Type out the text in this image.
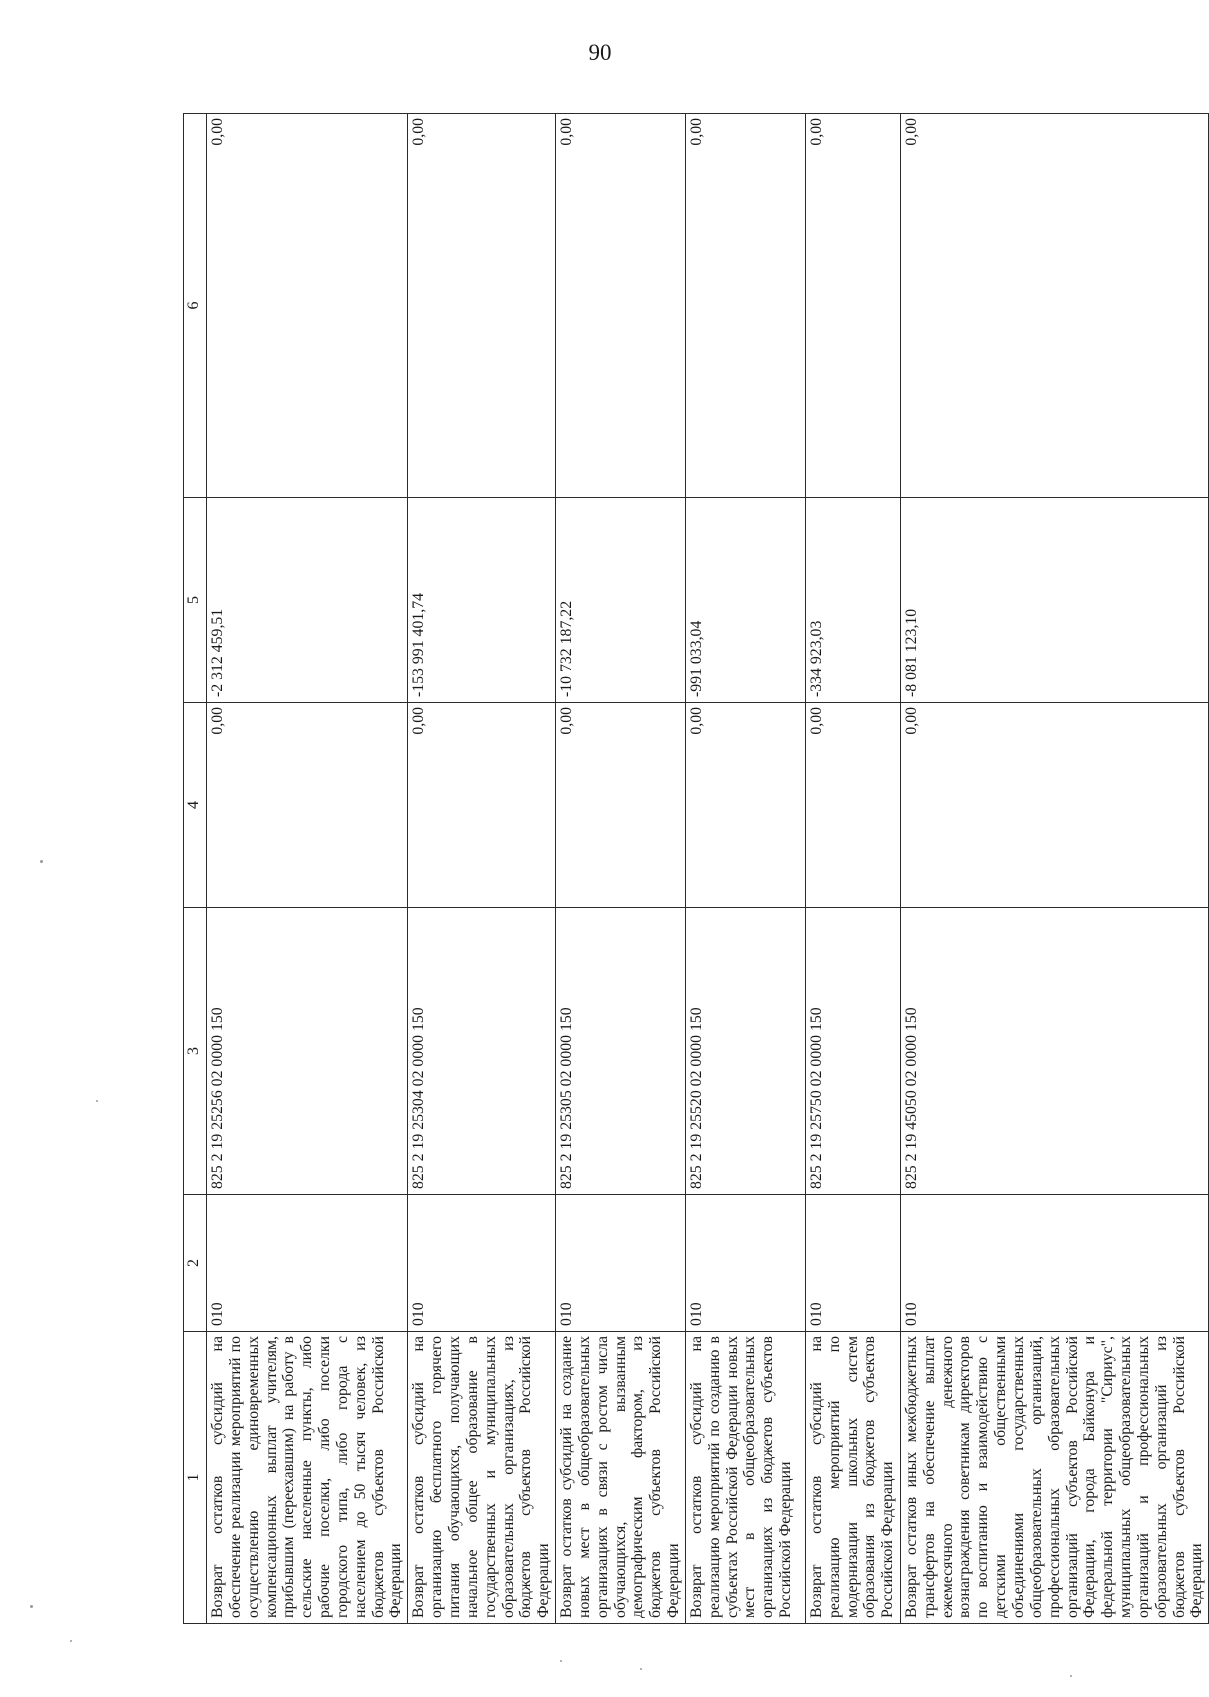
90
1	2	3	4	5	6
Возврат остатков субсидий на обеспечение реализации мероприятий по осуществлению единовременных компенсационных выплат учителям, прибывшим (переехавшим) на работу в сельские населенные пункты, либо рабочие поселки, либо поселки городского типа, либо города с населением до 50 тысяч человек, из бюджетов субъектов Российской Федерации	010	825 2 19 25256 02 0000 150	0,00	-2 312 459,51	0,00
Возврат остатков субсидий на организацию бесплатного горячего питания обучающихся, получающих начальное общее образование в государственных и муниципальных образовательных организациях, из бюджетов субъектов Российской Федерации	010	825 2 19 25304 02 0000 150	0,00	-153 991 401,74	0,00
Возврат остатков субсидий на создание новых мест в общеобразовательных организациях в связи с ростом числа обучающихся, вызванным демографическим фактором, из бюджетов субъектов Российской Федерации	010	825 2 19 25305 02 0000 150	0,00	-10 732 187,22	0,00
Возврат остатков субсидий на реализацию мероприятий по созданию в субъектах Российской Федерации новых мест в общеобразовательных организациях из бюджетов субъектов Российской Федерации	010	825 2 19 25520 02 0000 150	0,00	-991 033,04	0,00
Возврат остатков субсидий на реализацию мероприятий по модернизации школьных систем образования из бюджетов субъектов Российской Федерации	010	825 2 19 25750 02 0000 150	0,00	-334 923,03	0,00
Возврат остатков иных межбюджетных трансфертов на обеспечение выплат ежемесячного денежного вознаграждения советникам директоров по воспитанию и взаимодействию с детскими общественными объединениями государственных общеобразовательных организаций, профессиональных образовательных организаций субъектов Российской Федерации, города Байконура и федеральной территории "Сириус", муниципальных общеобразовательных организаций и профессиональных образовательных организаций из бюджетов субъектов Российской Федерации	010	825 2 19 45050 02 0000 150	0,00	-8 081 123,10	0,00
